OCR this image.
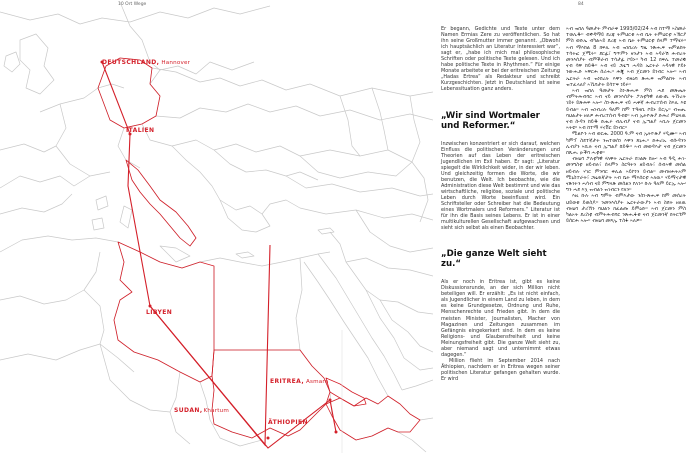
10 Ort Wege	84
DEUTSCHLAND, Hannover
ITALIEN
LIBYEN
ERITREA, Asmara
SUDAN,Khartum
ÄTHIOPIEN

Er begann, Gedichte und Texte unter dem Namen Ermias Zere zu veröffentlichen. So hat ihn seine Großmutter immer genannt. „Obwohl ich hauptsächlich an Literatur interessiert war“, sagt er, „habe ich mich mal philosophische Schriften oder politische Texte gelesen. Und ich habe politische Texte in Rhythmen.“ Für einige Monate arbeitete er bei der eritreischen Zeitung „Hadas Ertrea“ als Redakteur und schreibt Kurzgeschichten. Jetzt in Deutschland ist seine Lebenssituation ganz anders.

„Wir sind Wortmaler und Reformer.“

Inzwischen konzentriert er sich darauf, welchen Einfluss die politischen Veränderungen und Theorien auf das Leben der eritreischen Jugendlichen im Exil haben. Er sagt: „Literatur spiegelt die Wirklichkeit wider, in der wir leben. Und gleichzeitig formen die Worte, die wir benutzen, die Welt. Ich beobachte, wie die Administration diese Welt bestimmt und wie das wirtschaftliche, religiöse, soziale und politische Leben durch Worte beeinflusst wird. Ein Schriftsteller oder Schreiber hat die Bedeutung eines Wortmalers und Reformers.“ Literatur ist für ihn die Basis seines Lebens. Er ist in einer multikulturellen Gesellschaft aufgewachsen und sieht sich selbst als einen Beobachter.

„Die ganze Welt sieht zu.“

Als er noch in Eritrea ist, gibt es keine Diskussionsrunde, an der sich Million nicht beteiligen will. Er erzählt: „Es ist nicht einfach, als Jugendlicher in einem Land zu leben, in dem es keine Grundgesetze, Ordnung und Ruhe, Menschenrechte und Frieden gibt. In dem die meisten Minister, Journalisten, Macher von Magazinen und Zeitungen zusammen im Gefängnis eingekerkert sind. In dem es keine Religions- und Glaubensfreiheit und keine Meinungsfreiheit gibt. Die ganze Welt sieht zu, aber niemand sagt und unternimmt etwas dagegen.“

Million flieht im September 2014 nach Äthiopien, nachdem er in Eritrea wegen seiner politischen Literatur gefangen gehalten wurde. Er wird

ኣብ ዝበለ ዓመታት ምብራቅ 1993/02/24 ኣብ ከተማ ኣስመራ ተወሊዱ። ብቐዳማይ ደረጃ ትምህርቱ ኣብ ቤት ትምህርቲ ኣኽርያ ምስ ወድኤ ብካልኣይ ደረጃ ኣብ ቤት ትምህርቲ ሰላም ተማሂሩ። ኣብ ማእከል 8 ክፍሊ ኣብ ዝነበረሉ ግዜ ንጽሑፍ ዝምልከት ተሳትፎ ጀሚሩ። ደርፊ፣ ግጥምን ዛንታን ኣብ ኣዳራሽ ሕብረት መንእሰያት ብምቕራብ ተሳታፊ ኮይኑ። ካብ 12 ክፍሊ ተመሪቑ ናብ ሳዋ ከይዱ። ኣብ ናይ ጋዜጣ ሓዳስ ኤርትራ ኣዳላዊ ኮይኑ ንውሑድ ኣዋርሕ ሰሪሑ። ሕጂ ኣብ ጀርመን ይነብር ኣሎ። ኣብ ኤርትራ ኣብ ዝነበረሉ እዋን ብዛዕባ ጽሑፍ ዝምልከት ኣብ ዝተፈላለያ ኣኼባታት ይሳተፍ ነይሩ።

ኣብ ዝበለ ዓመታት ስነ-ጽሑፍ ምስ ሓደ መጽሔት ብምትሕብባር ኣብ ናይ መንእሰያት ፖለቲካዊ ለውጢ ትኹረት ገይሩ ይጽሕፍ ኣሎ። ስነ-ጽሑፍ ናይ ሓቀኛ ሕብረተሰብ ስእሊ እዩ ይብል። ኣብ ዝነብረሉ ዓለም ከም ተዓዛቢ ኮይኑ ይርኢ። ብዝሒ ባህልታት ዘለዎ ሕብረተሰብ ዓብዩ። ኣብ ኢትዮጵያ ድሕሪ ምህላዉ ናብ ሱዳን ከይዱ ድሒሩ ብሊብያ ናብ ኢጣልያ ኣቢሉ ጀርመን ኣትዩ። ኣብ ከተማ ሃኖቨር ይነብር።

ሚልዮን ኣብ ወርሒ 2000 ዓ.ም ናብ ኢትዮጵያ ሃዲሙ። ኣብ ካምፕ ስደተኛታት ንዝተወሰነ እዋን ጸኒሑ። ድሕሪኡ ብሱዳንን ሊብያን ኣቢሉ ናብ ኢጣልያ ከይዱ። ኣብ መወዳእታ ናብ ጀርመን በጺሑ ዑቕባ ሓቲቱ።

ብዛዕባ ፖለቲካዊ ሃለዋት ኤርትራ ክገልጽ ከሎ፡ ኣብ ዓዲ ሕገ-መንግስቲ ዘይብሉ፣ ሰላምን ስርዓትን ዘይብሉ፣ ሰብኣዊ መሰል ዘይብሉ ሃገር ምንባር ቀሊል ኣይኮነን ይብል። መብዛሕትኦም ሚኒስተራት፣ ጋዜጠኛታት ኣብ ቤት ማእሰርቲ ኣለዉ። ሃይማኖታዊ ናጽነትን ሓሳብ ናይ ምግላጽ መሰልን የለን። ኩሉ ዓለም ይርኢ ኣሎ፡ ግን ሓደ እኳ ዝብልን ዝገብርን የለን።

እዚ ኩሉ ኣብ ግምት ብምእታው ንስነ-ጽሑፍ ከም መሰረት ህይወቱ ይወስዶ። ንመንእሰያት ኤርትራውያን ኣብ ስደት ዘለዉ ብዛዕባ ታሪኽን ባህልን ክፈልጡ ይምዕድ። ኣብ ጀርመን ምስ ካልኦት ደረስቲ ብምትሕብባር ንጽሑፋቱ ናብ ጀርመንኛ ክትርጎም ይሰርሕ ኣሎ። ብዛዕባ መጻኢ ተስፋ ኣለዎ።
